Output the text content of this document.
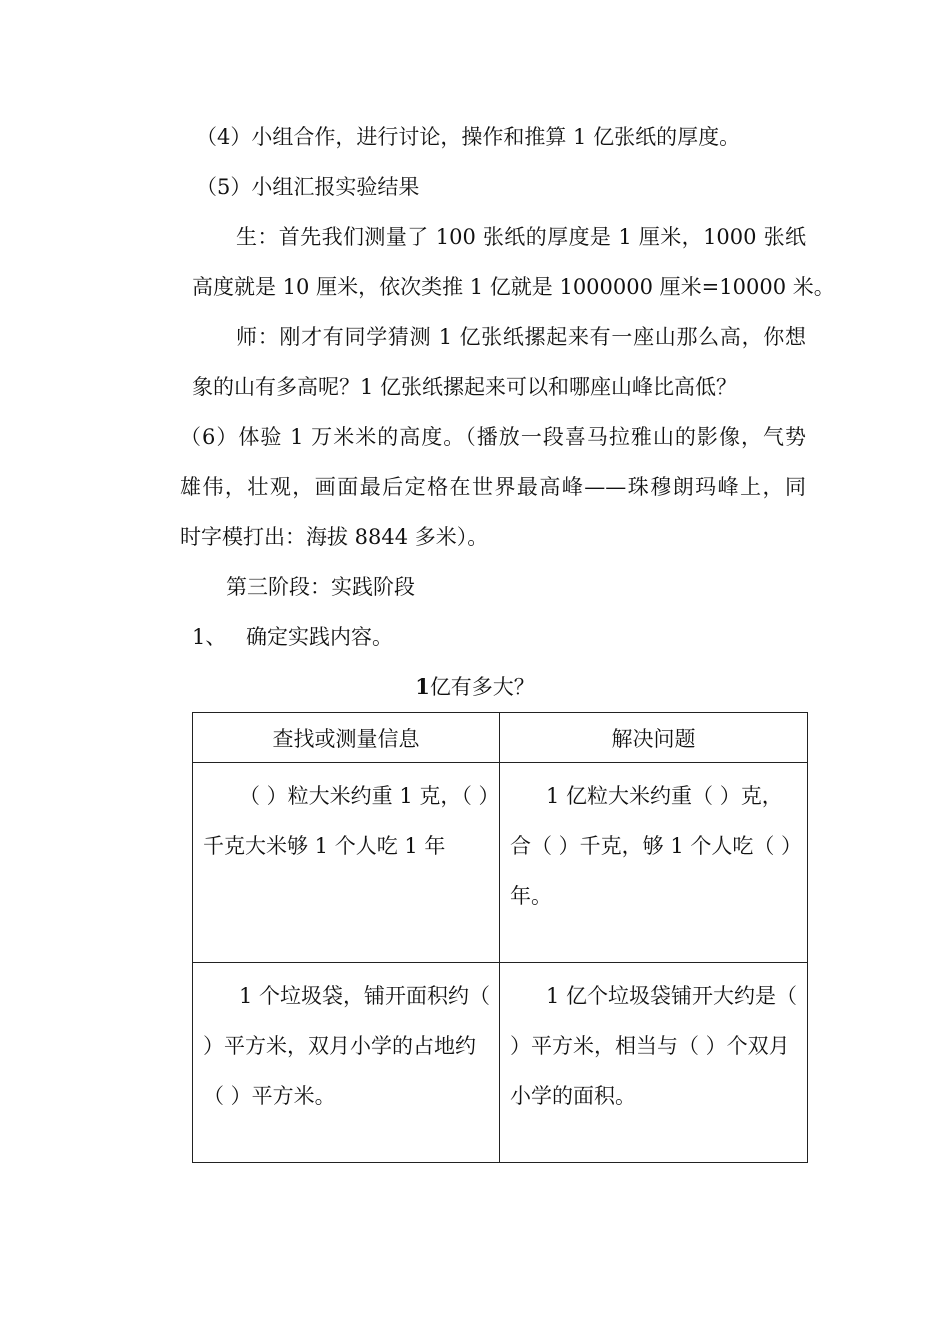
（4）小组合作，进行讨论，操作和推算 1 亿张纸的厚度。
（5）小组汇报实验结果
生：首先我们测量了 100 张纸的厚度是 1 厘米，1000 张纸
高度就是 10 厘米，依次类推 1 亿就是 1000000 厘米=10000 米。
师：刚才有同学猜测 1 亿张纸摞起来有一座山那么高，你想
象的山有多高呢？1 亿张纸摞起来可以和哪座山峰比高低？
（6）体验 1 万米米的高度。（播放一段喜马拉雅山的影像，气势
雄伟，壮观，画面最后定格在世界最高峰——珠穆朗玛峰上，同
时字模打出：海拔 8844 多米）。
第三阶段：实践阶段
1、 确定实践内容。
1亿有多大？
查找或测量信息	解决问题

（ ）粒大米约重 1 克，（ ）千克大米够 1 个人吃 1 年	1 亿粒大米约重（ ）克，合（ ）千克，够 1 个人吃（ ）年。

1 个垃圾袋，铺开面积约（ ）平方米，双月小学的占地约（ ）平方米。	1 亿个垃圾袋铺开大约是（ ）平方米，相当与（ ）个双月小学的面积。
